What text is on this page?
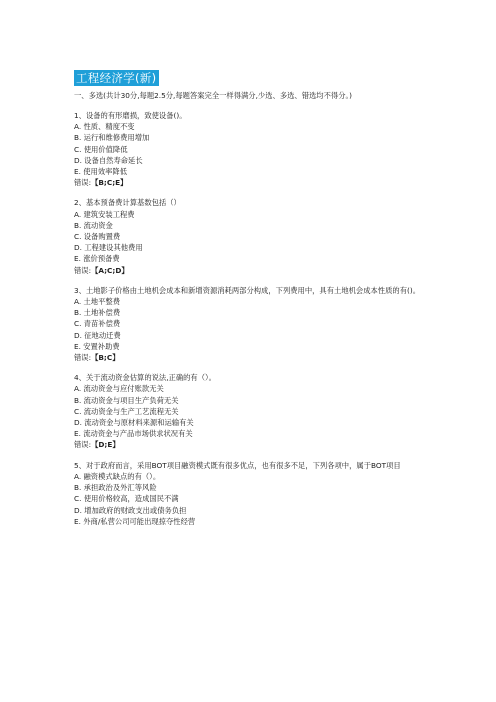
工程经济学(新)
一、多选(共计30分,每题2.5分,每题答案完全一样得满分,少选、多选、错选均不得分。)
1、设备的有形磨损，致使设备()。
A. 性质、精度不变
B. 运行和维修费用增加
C. 使用价值降低
D. 设备自然寿命延长
E. 使用效率降低
错误:【B;C;E】
2、基本预备费计算基数包括（）
A. 建筑安装工程费
B. 流动资金
C. 设备购置费
D. 工程建设其他费用
E. 涨价预备费
错误:【A;C;D】
3、土地影子价格由土地机会成本和新增资源消耗两部分构成，下列费用中，具有土地机会成本性质的有()。
A. 土地平整费
B. 土地补偿费
C. 青苗补偿费
D. 征地动迁费
E. 安置补助费
错误:【B;C】
4、关于流动资金估算的说法,正确的有（）。
A. 流动资金与应付账款无关
B. 流动资金与项目生产负荷无关
C. 流动资金与生产工艺流程无关
D. 流动资金与原材料来源和运输有关
E. 流动资金与产品市场供求状况有关
错误:【D;E】
5、对于政府而言，采用BOT项目融资模式既有很多优点，也有很多不足，下列各项中，属于BOT项目
A. 融资模式缺点的有（）。
B. 承担政治及外汇等风险
C. 使用价格较高，造成国民不满
D. 增加政府的财政支出或债务负担
E. 外商/私营公司可能出现掠夺性经营
